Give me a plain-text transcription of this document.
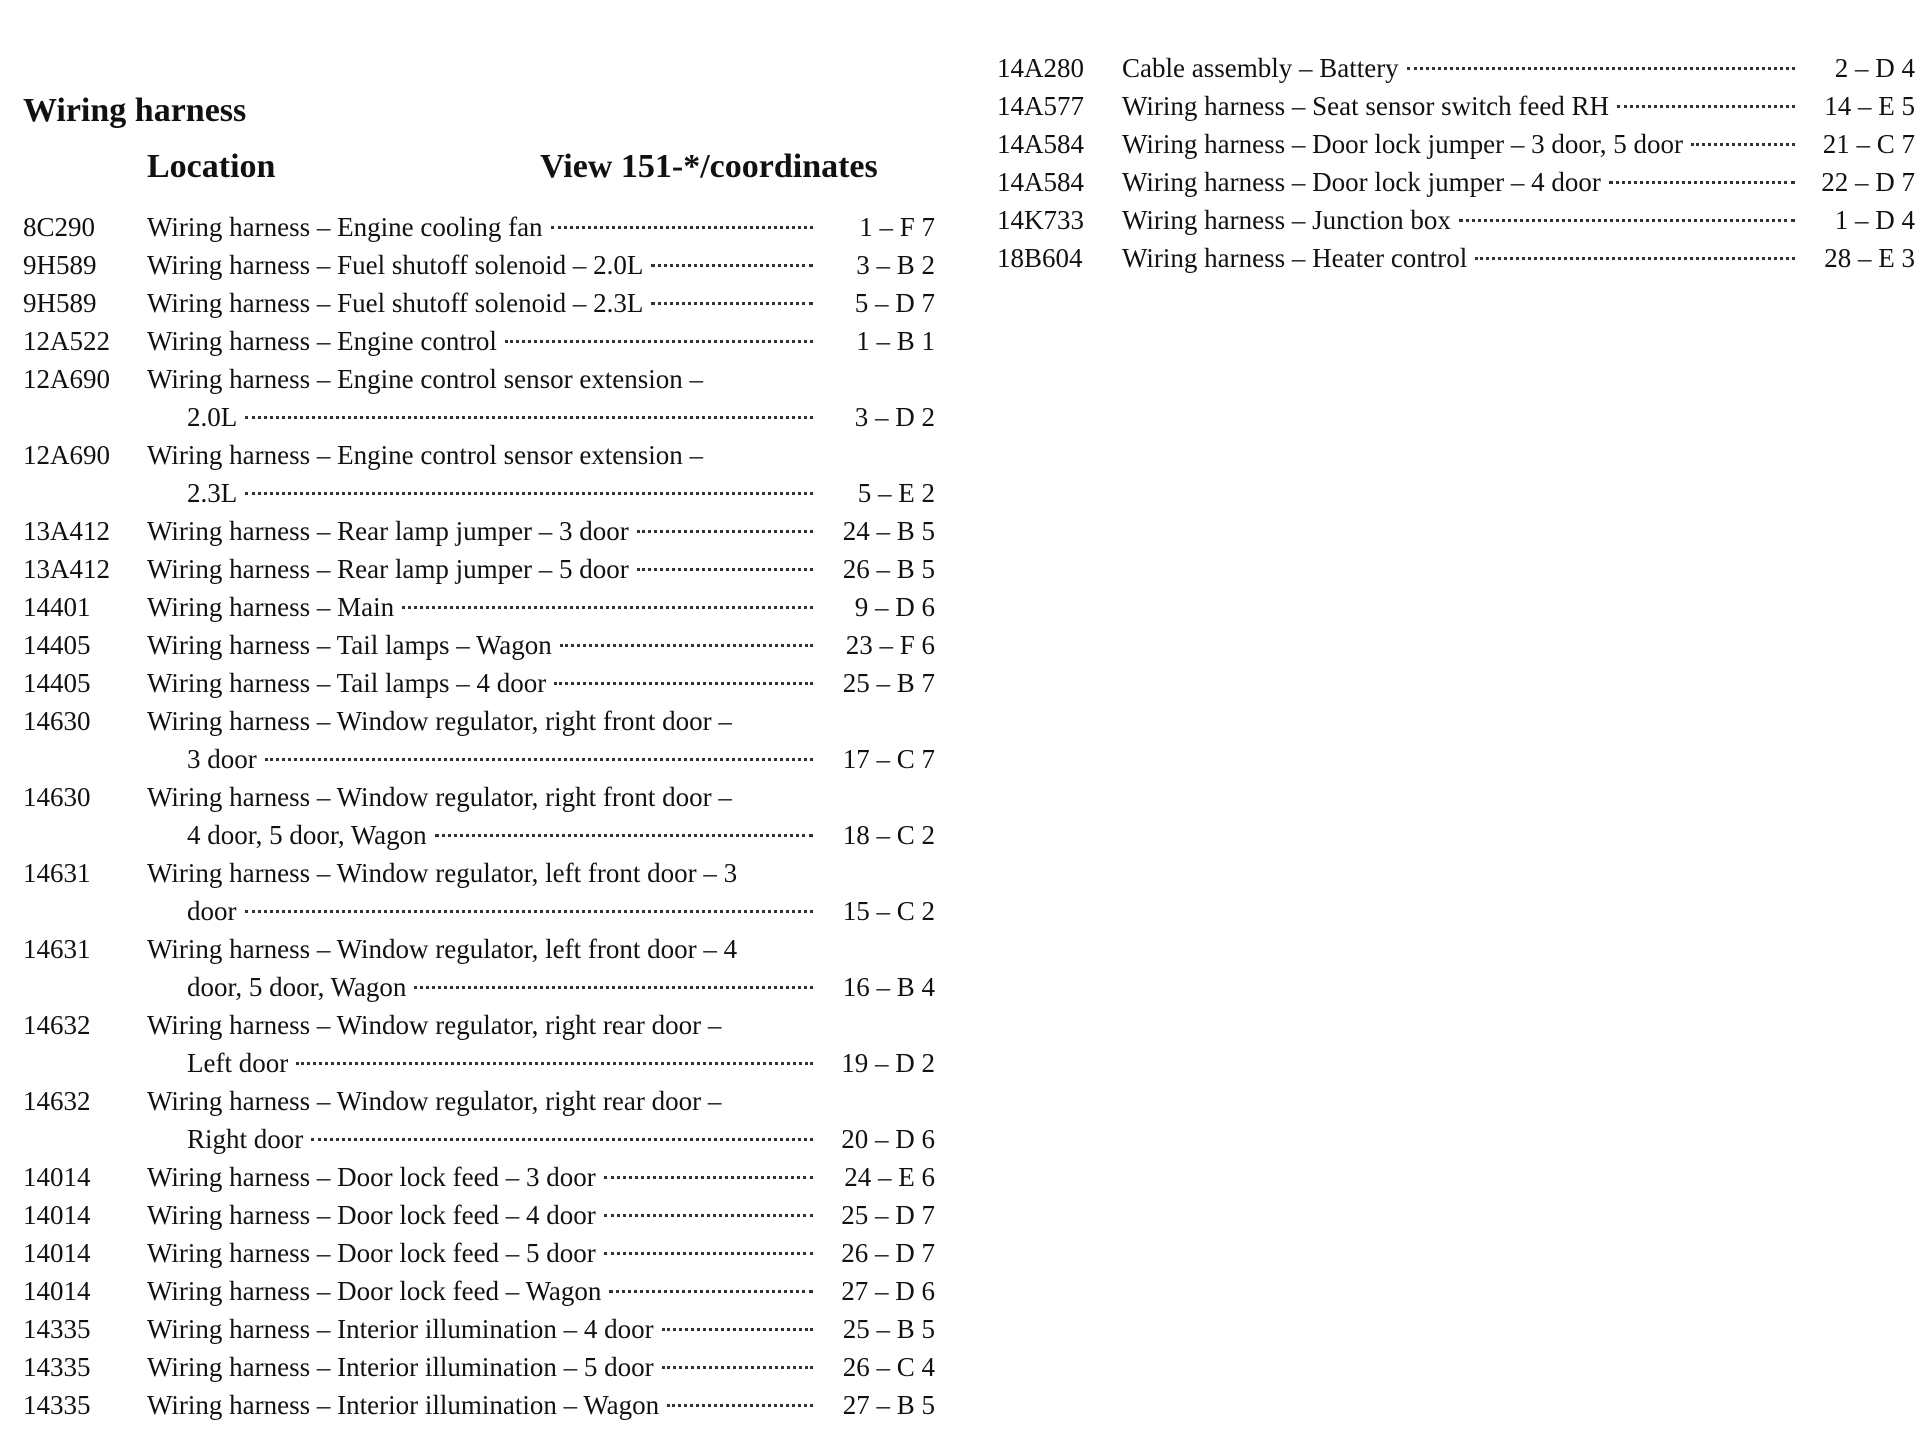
Wiring harness
Location	View 151-*/coordinates
8C290	Wiring harness – Engine cooling fan	1 – F 7
9H589	Wiring harness – Fuel shutoff solenoid – 2.0L	3 – B 2
9H589	Wiring harness – Fuel shutoff solenoid – 2.3L	5 – D 7
12A522	Wiring harness – Engine control	1 – B 1
12A690	Wiring harness – Engine control sensor extension –
2.0L	3 – D 2
12A690	Wiring harness – Engine control sensor extension –
2.3L	5 – E 2
13A412	Wiring harness – Rear lamp jumper – 3 door	24 – B 5
13A412	Wiring harness – Rear lamp jumper – 5 door	26 – B 5
14401	Wiring harness – Main	9 – D 6
14405	Wiring harness – Tail lamps – Wagon	23 – F 6
14405	Wiring harness – Tail lamps – 4 door	25 – B 7
14630	Wiring harness – Window regulator, right front door –
3 door	17 – C 7
14630	Wiring harness – Window regulator, right front door –
4 door, 5 door, Wagon	18 – C 2
14631	Wiring harness – Window regulator, left front door – 3
door	15 – C 2
14631	Wiring harness – Window regulator, left front door – 4
door, 5 door, Wagon	16 – B 4
14632	Wiring harness – Window regulator, right rear door –
Left door	19 – D 2
14632	Wiring harness – Window regulator, right rear door –
Right door	20 – D 6
14014	Wiring harness – Door lock feed – 3 door	24 – E 6
14014	Wiring harness – Door lock feed – 4 door	25 – D 7
14014	Wiring harness – Door lock feed – 5 door	26 – D 7
14014	Wiring harness – Door lock feed – Wagon	27 – D 6
14335	Wiring harness – Interior illumination – 4 door	25 – B 5
14335	Wiring harness – Interior illumination – 5 door	26 – C 4
14335	Wiring harness – Interior illumination – Wagon	27 – B 5
14A280	Cable assembly – Battery	2 – D 4
14A577	Wiring harness – Seat sensor switch feed RH	14 – E 5
14A584	Wiring harness – Door lock jumper – 3 door, 5 door	21 – C 7
14A584	Wiring harness – Door lock jumper – 4 door	22 – D 7
14K733	Wiring harness – Junction box	1 – D 4
18B604	Wiring harness – Heater control	28 – E 3
